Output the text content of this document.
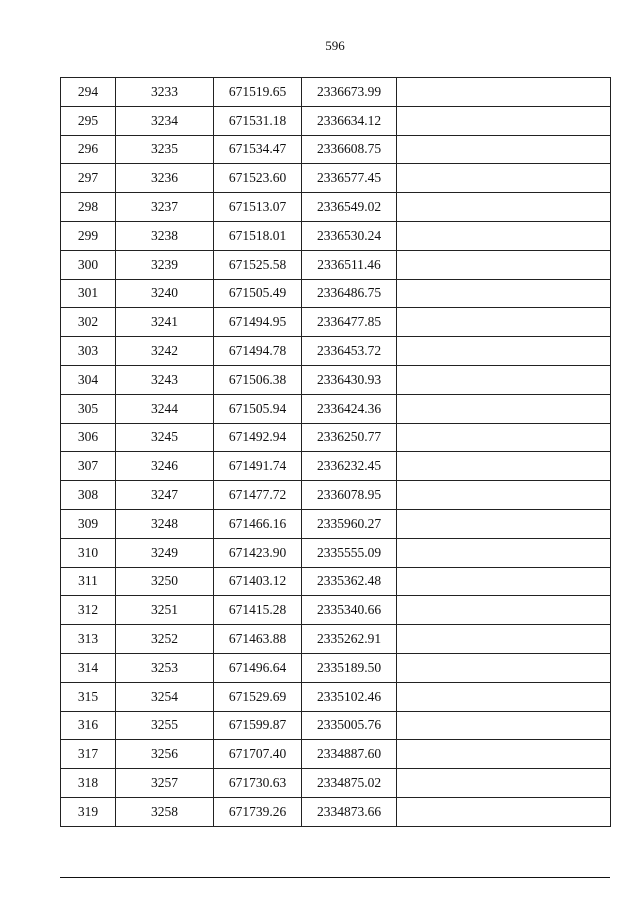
596
294	3233	671519.65	2336673.99	
295	3234	671531.18	2336634.12	
296	3235	671534.47	2336608.75	
297	3236	671523.60	2336577.45	
298	3237	671513.07	2336549.02	
299	3238	671518.01	2336530.24	
300	3239	671525.58	2336511.46	
301	3240	671505.49	2336486.75	
302	3241	671494.95	2336477.85	
303	3242	671494.78	2336453.72	
304	3243	671506.38	2336430.93	
305	3244	671505.94	2336424.36	
306	3245	671492.94	2336250.77	
307	3246	671491.74	2336232.45	
308	3247	671477.72	2336078.95	
309	3248	671466.16	2335960.27	
310	3249	671423.90	2335555.09	
311	3250	671403.12	2335362.48	
312	3251	671415.28	2335340.66	
313	3252	671463.88	2335262.91	
314	3253	671496.64	2335189.50	
315	3254	671529.69	2335102.46	
316	3255	671599.87	2335005.76	
317	3256	671707.40	2334887.60	
318	3257	671730.63	2334875.02	
319	3258	671739.26	2334873.66	
